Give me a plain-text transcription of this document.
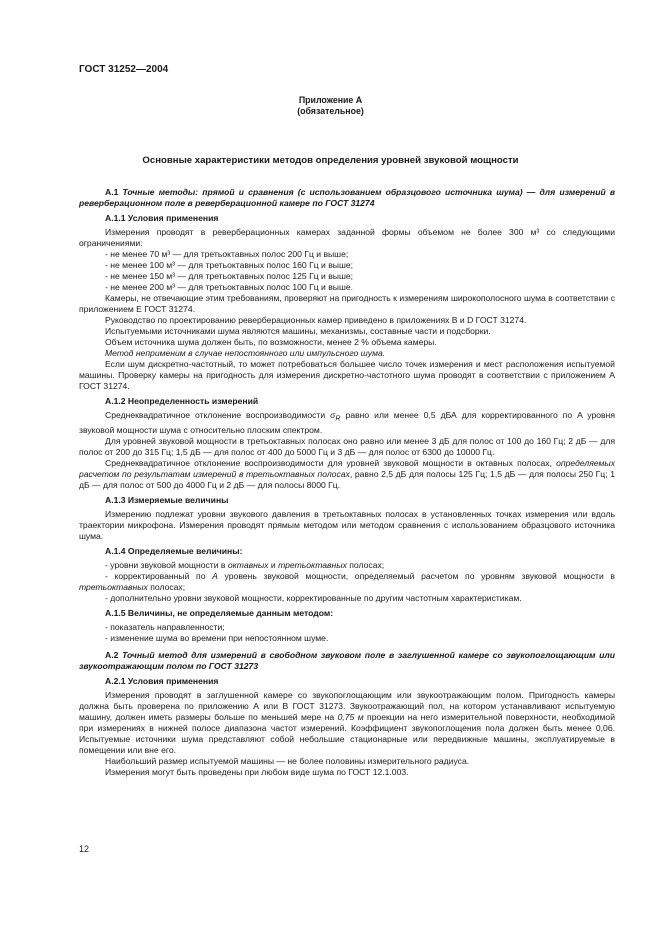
ГОСТ 31252—2004
Приложение А
(обязательное)
Основные характеристики методов определения уровней звуковой мощности

А.1 Точные методы: прямой и сравнения (с использованием образцового источника шума) — для измерений в реверберационном поле в реверберационной камере по ГОСТ 31274

А.1.1 Условия применения

Измерения проводят в реверберационных камерах заданной формы объемом не более 300 м³ со следующими ограничениями:

- не менее 70 м³ — для третьоктавных полос 200 Гц и выше;
- не менее 100 м³ — для третьоктавных полос 160 Гц и выше;
- не менее 150 м³ — для третьоктавных полос 125 Гц и выше;
- не менее 200 м³ — для третьоктавных полос 100 Гц и выше.

Камеры, не отвечающие этим требованиям, проверяют на пригодность к измерениям широкополосного шума в соответствии с приложением Е ГОСТ 31274.

Руководство по проектированию реверберационных камер приведено в приложениях В и D ГОСТ 31274.

Испытуемыми источниками шума являются машины, механизмы, составные части и подсборки.

Объем источника шума должен быть, по возможности, менее 2 % объема камеры.

Метод неприменим в случае непостоянного или импульсного шума.

Если шум дискретно-частотный, то может потребоваться большее число точек измерения и мест расположения испытуемой машины. Проверку камеры на пригодность для измерения дискретно-частотного шума проводят в соответствии с приложением А ГОСТ 31274.

А.1.2 Неопределенность измерений

Среднеквадратичное отклонение воспроизводимости $\sigma_R$ равно или менее 0,5 дБА для корректированного по A уровня звуковой мощности шума с относительно плоским спектром.

Для уровней звуковой мощности в третьоктавных полосах оно равно или менее 3 дБ для полос от 100 до 160 Гц; 2 дБ — для полос от 200 до 315 Гц; 1,5 дБ — для полос от 400 до 5000 Гц и 3 дБ — для полос от 6300 до 10000 Гц.

Среднеквадратичное отклонение воспроизводимости для уровней звуковой мощности в октавных полосах, определяемых расчетом по результатам измерений в третьоктавных полосах, равно 2,5 дБ для полосы 125 Гц; 1,5 дБ — для полосы 250 Гц; 1 дБ — для полос от 500 до 4000 Гц и 2 дБ — для полосы 8000 Гц.

А.1.3 Измеряемые величины

Измерению подлежат уровни звукового давления в третьоктавных полосах в установленных точках измерения или вдоль траектории микрофона. Измерения проводят прямым методом или методом сравнения с использованием образцового источника шума.

А.1.4 Определяемые величины:

- уровни звуковой мощности в октавных и третьоктавных полосах;

- корректированный по A уровень звуковой мощности, определяемый расчетом по уровням звуковой мощности в третьоктавных полосах;

- дополнительно уровни звуковой мощности, корректированные по другим частотным характеристикам.

А.1.5 Величины, не определяемые данным методом:
- показатель направленности;
- изменение шума во времени при непостоянном шуме.

А.2 Точный метод для измерений в свободном звуковом поле в заглушенной камере со звукопоглощающим или звукоотражающим полом по ГОСТ 31273

А.2.1 Условия применения

Измерения проводят в заглушенной камере со звукопоглощающим или звукоотражающим полом. Пригодность камеры должна быть проверена по приложению А или В ГОСТ 31273. Звукоотражающий пол, на котором устанавливают испытуемую машину, должен иметь размеры больше по меньшей мере на 0,75 м проекции на него измерительной поверхности, необходимой при измерениях в нижней полосе диапазона частот измерений. Коэффициент звукопоглощения пола должен быть менее 0,06. Испытуемые источники шума представляют собой небольшие стационарные или передвижные машины, эксплуатируемые в помещении или вне его.

Наибольший размер испытуемой машины — не более половины измерительного радиуса.

Измерения могут быть проведены при любом виде шума по ГОСТ 12.1.003.

12
